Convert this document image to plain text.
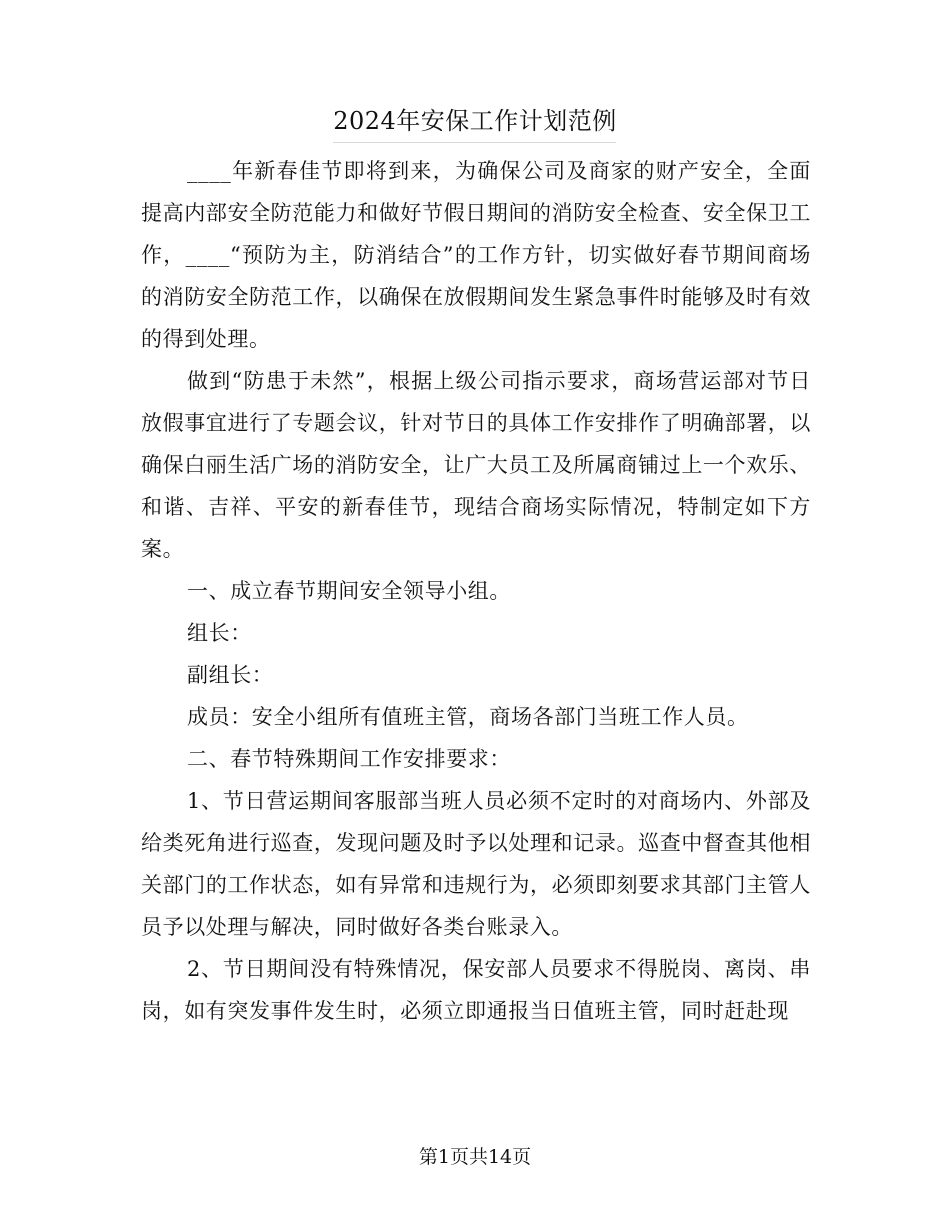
2024年安保工作计划范例

____年新春佳节即将到来，为确保公司及商家的财产安全，全面提高内部安全防范能力和做好节假日期间的消防安全检查、安全保卫工作，____“预防为主，防消结合”的工作方针，切实做好春节期间商场的消防安全防范工作，以确保在放假期间发生紧急事件时能够及时有效的得到处理。

做到“防患于未然”，根据上级公司指示要求，商场营运部对节日放假事宜进行了专题会议，针对节日的具体工作安排作了明确部署，以确保白丽生活广场的消防安全，让广大员工及所属商铺过上一个欢乐、和谐、吉祥、平安的新春佳节，现结合商场实际情况，特制定如下方案。

一、成立春节期间安全领导小组。

组长：

副组长：

成员：安全小组所有值班主管，商场各部门当班工作人员。

二、春节特殊期间工作安排要求：

1、节日营运期间客服部当班人员必须不定时的对商场内、外部及给类死角进行巡查，发现问题及时予以处理和记录。巡查中督查其他相关部门的工作状态，如有异常和违规行为，必须即刻要求其部门主管人员予以处理与解决，同时做好各类台账录入。

2、节日期间没有特殊情况，保安部人员要求不得脱岗、离岗、串岗，如有突发事件发生时，必须立即通报当日值班主管，同时赶赴现

第1页共14页
